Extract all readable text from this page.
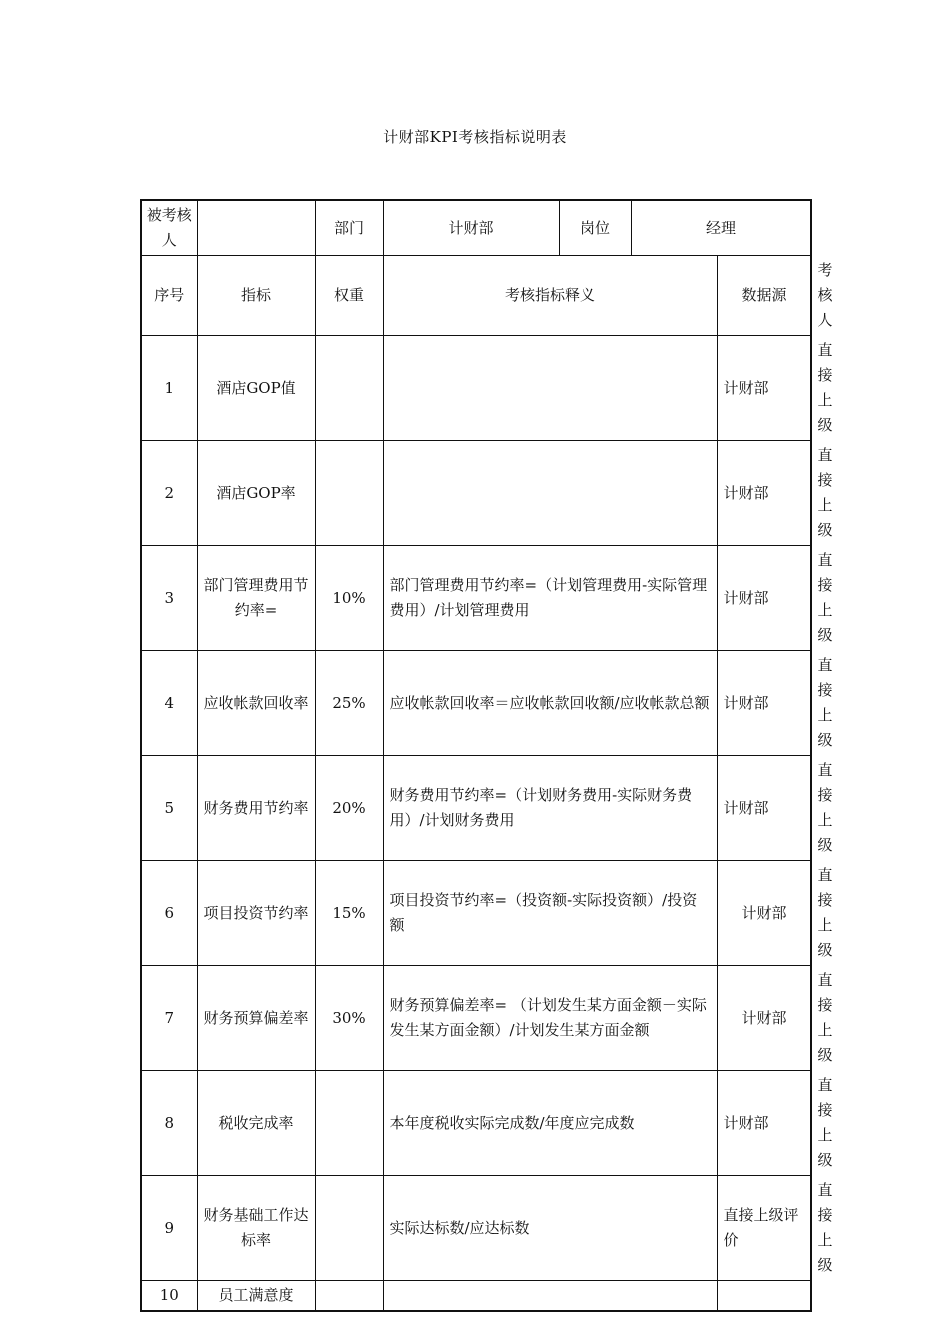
计财部KPI考核指标说明表
被考核人		部门	计财部	岗位	经理		
序号	指标	权重	考核指标释义			数据源	考核人
1	酒店GOP值					计财部	直接上级
2	酒店GOP率					计财部	直接上级
3	部门管理费用节约率=	10%	部门管理费用节约率=（计划管理费用-实际管理费用）/计划管理费用			计财部	直接上级
4	应收帐款回收率	25%	应收帐款回收率＝应收帐款回收额/应收帐款总额			计财部	直接上级
5	财务费用节约率	20%	财务费用节约率=（计划财务费用-实际财务费用）/计划财务费用			计财部	直接上级
6	项目投资节约率	15%	项目投资节约率=（投资额-实际投资额）/投资额			计财部	直接上级
7	财务预算偏差率	30%	财务预算偏差率= （计划发生某方面金额－实际发生某方面金额）/计划发生某方面金额			计财部	直接上级
8	税收完成率		本年度税收实际完成数/年度应完成数			计财部	直接上级
9	财务基础工作达标率		实际达标数/应达标数			直接上级评价	直接上级
10	员工满意度						
